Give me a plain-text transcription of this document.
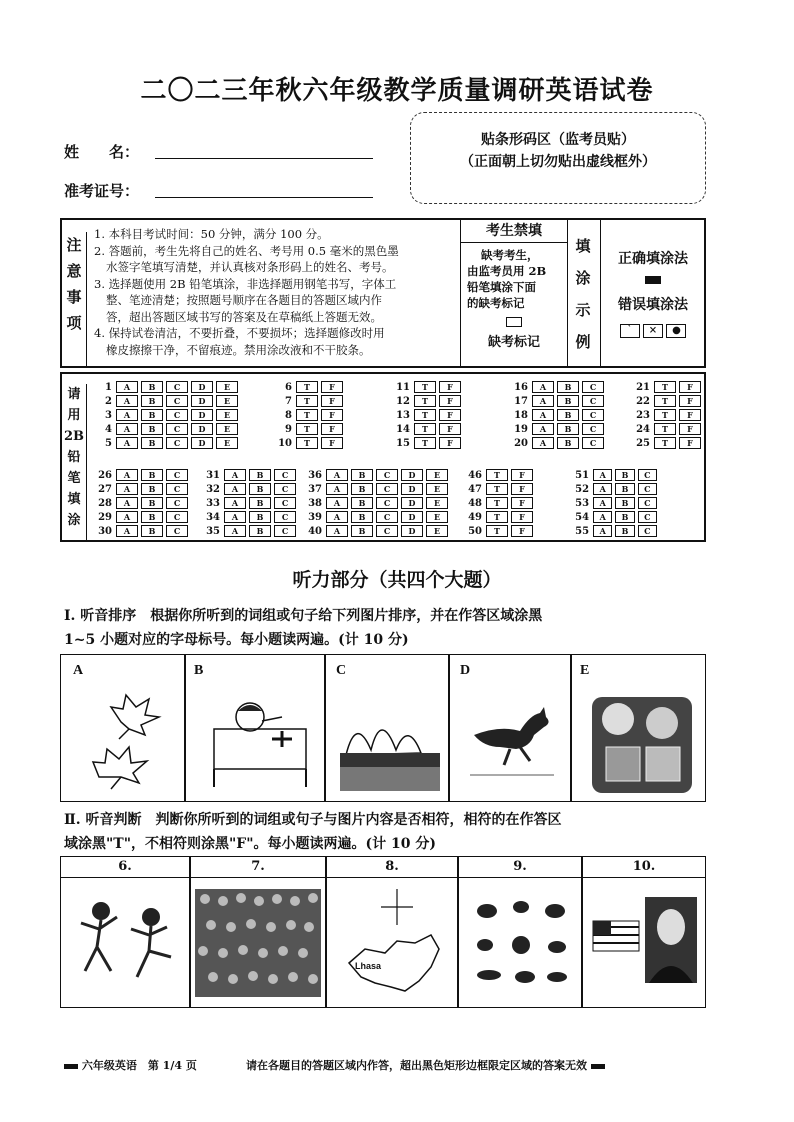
二〇二三年秋六年级教学质量调研英语试卷
姓　　名：
准考证号：
贴条形码区（监考员贴）
（正面朝上切勿贴出虚线框外）
注
意
事
项
1. 本科目考试时间：50 分钟，满分 100 分。
2. 答题前，考生先将自己的姓名、考号用 0.5 毫米的黑色墨
水签字笔填写清楚，并认真核对条形码上的姓名、考号。
3. 选择题使用 2B 铅笔填涂，非选择题用钢笔书写，字体工
整、笔迹清楚；按照题号顺序在各题目的答题区域内作
答，超出答题区域书写的答案及在草稿纸上答题无效。
4. 保持试卷清洁，不要折叠，不要损坏；选择题修改时用
橡皮擦擦干净，不留痕迹。禁用涂改液和不干胶条。
考生禁填
缺考考生，
由监考员用 2B
铅笔填涂下面
的缺考标记
缺考标记
填
涂
示
例
正确填涂法
错误填涂法
` × ●
请
用
2B
铅
笔
填
涂
1	A	B	C	D	E
2	A	B	C	D	E
3	A	B	C	D	E
4	A	B	C	D	E
5	A	B	C	D	E
6	T	F
7	T	F
8	T	F
9	T	F
10	T	F
11	T	F
12	T	F
13	T	F
14	T	F
15	T	F
16	A	B	C
17	A	B	C
18	A	B	C
19	A	B	C
20	A	B	C
21	T	F
22	T	F
23	T	F
24	T	F
25	T	F
26	A	B	C
27	A	B	C
28	A	B	C
29	A	B	C
30	A	B	C
31	A	B	C
32	A	B	C
33	A	B	C
34	A	B	C
35	A	B	C
36	A	B	C	D	E
37	A	B	C	D	E
38	A	B	C	D	E
39	A	B	C	D	E
40	A	B	C	D	E
46	T	F
47	T	F
48	T	F
49	T	F
50	T	F
51	A	B	C
52	A	B	C
53	A	B	C
54	A	B	C
55	A	B	C
听力部分（共四个大题）
Ⅰ. 听音排序　根据你所听到的词组或句子给下列图片排序，并在作答区域涂黑
1~5 小题对应的字母标号。每小题读两遍。(计 10 分)
A	B	C	D	E
Ⅱ. 听音判断　判断你所听到的词组或句子与图片内容是否相符，相符的在作答区
域涂黑"T"，不相符则涂黑"F"。每小题读两遍。(计 10 分)
6.	7.	8.
Lhasa
9.	10.
六年级英语　第 1/4 页	请在各题目的答题区域内作答，超出黑色矩形边框限定区域的答案无效
